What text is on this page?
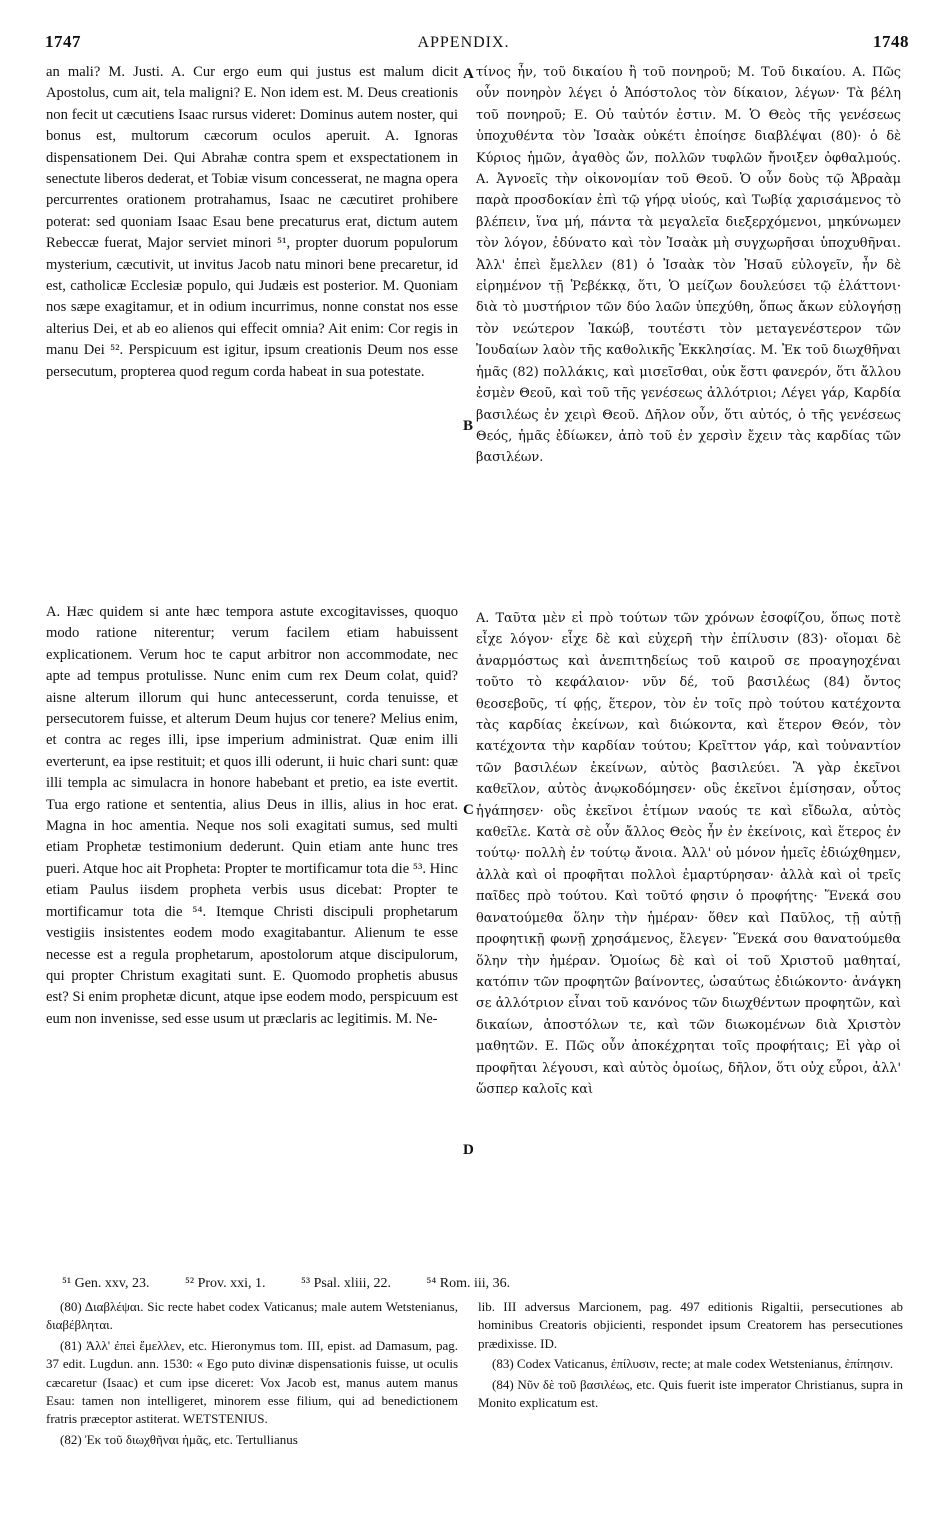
1747	APPENDIX.	1748
A
B
C
D

an mali? M. Justi. A. Cur ergo eum qui justus est malum dicit Apostolus, cum ait, tela maligni? E. Non idem est. M. Deus creationis non fecit ut cæcutiens Isaac rursus videret: Dominus autem noster, qui bonus est, multorum cæcorum oculos aperuit. A. Ignoras dispensationem Dei. Qui Abrahæ contra spem et exspectationem in senectute liberos dederat, et Tobiæ visum concesserat, ne magna opera percurrentes orationem protrahamus, Isaac ne cæcutiret prohibere poterat: sed quoniam Isaac Esau bene precaturus erat, dictum autem Rebeccæ fuerat, Major serviet minori ⁵¹, propter duorum populorum mysterium, cæcutivit, ut invitus Jacob natu minori bene precaretur, id est, catholicæ Ecclesiæ populo, qui Judæis est posterior. M. Quoniam nos sæpe exagitamur, et in odium incurrimus, nonne constat nos esse alterius Dei, et ab eo alienos qui effecit omnia? Ait enim: Cor regis in manu Dei ⁵². Perspicuum est igitur, ipsum creationis Deum nos esse persecutum, propterea quod regum corda habeat in sua potestate.

A. Hæc quidem si ante hæc tempora astute excogitavisses, quoquo modo ratione niterentur; verum facilem etiam habuissent explicationem. Verum hoc te caput arbitror non accommodate, nec apte ad tempus protulisse. Nunc enim cum rex Deum colat, quid? aisne alterum illorum qui hunc antecesserunt, corda tenuisse, et persecutorem fuisse, et alterum Deum hujus cor tenere? Melius enim, et contra ac reges illi, ipse imperium administrat. Quæ enim illi everterunt, ea ipse restituit; et quos illi oderunt, ii huic chari sunt: quæ illi templa ac simulacra in honore habebant et pretio, ea iste evertit. Tua ergo ratione et sententia, alius Deus in illis, alius in hoc erat. Magna in hoc amentia. Neque nos soli exagitati sumus, sed multi etiam Prophetæ testimonium dederunt. Quin etiam ante hunc tres pueri. Atque hoc ait Propheta: Propter te mortificamur tota die ⁵³. Hinc etiam Paulus iisdem propheta verbis usus dicebat: Propter te mortificamur tota die ⁵⁴. Itemque Christi discipuli prophetarum vestigiis insistentes eodem modo exagitabantur. Alienum te esse necesse est a regula prophetarum, apostolorum atque discipulorum, qui propter Christum exagitati sunt. E. Quomodo prophetis abusus est? Si enim prophetæ dicunt, atque ipse eodem modo, perspicuum est eum non invenisse, sed esse usum ut præclaris ac legitimis. M. Ne-

τίνος ἦν, τοῦ δικαίου ἢ τοῦ πονηροῦ; Μ. Τοῦ δικαίου. Α. Πῶς οὖν πονηρὸν λέγει ὁ Ἀπόστολος τὸν δίκαιον, λέγων· Τὰ βέλη τοῦ πονηροῦ; Ε. Οὐ ταὐτόν ἐστιν. Μ. Ὁ Θεὸς τῆς γενέσεως ὑποχυθέντα τὸν Ἰσαὰκ οὐκέτι ἐποίησε διαβλέψαι (80)· ὁ δὲ Κύριος ἡμῶν, ἀγαθὸς ὤν, πολλῶν τυφλῶν ἤνοιξεν ὀφθαλμούς. Α. Ἀγνοεῖς τὴν οἰκονομίαν τοῦ Θεοῦ. Ὁ οὖν δοὺς τῷ Ἀβραὰμ παρὰ προσδοκίαν ἐπὶ τῷ γήρᾳ υἱούς, καὶ Τωβίᾳ χαρισάμενος τὸ βλέπειν, ἵνα μή, πάντα τὰ μεγαλεῖα διεξερχόμενοι, μηκύνωμεν τὸν λόγον, ἐδύνατο καὶ τὸν Ἰσαὰκ μὴ συγχωρῆσαι ὑποχυθῆναι. Ἀλλ' ἐπεὶ ἔμελλεν (81) ὁ Ἰσαὰκ τὸν Ἠσαῦ εὐλογεῖν, ἦν δὲ εἰρημένον τῇ Ῥεβέκκᾳ, ὅτι, Ὁ μείζων δουλεύσει τῷ ἐλάττονι· διὰ τὸ μυστήριον τῶν δύο λαῶν ὑπεχύθη, ὅπως ἄκων εὐλογήσῃ τὸν νεώτερον Ἰακώβ, τουτέστι τὸν μεταγενέστερον τῶν Ἰουδαίων λαὸν τῆς καθολικῆς Ἐκκλησίας. Μ. Ἐκ τοῦ διωχθῆναι ἡμᾶς (82) πολλάκις, καὶ μισεῖσθαι, οὐκ ἔστι φανερόν, ὅτι ἄλλου ἐσμὲν Θεοῦ, καὶ τοῦ τῆς γενέσεως ἀλλότριοι; Λέγει γάρ, Καρδία βασιλέως ἐν χειρὶ Θεοῦ. Δῆλον οὖν, ὅτι αὐτός, ὁ τῆς γενέσεως Θεός, ἡμᾶς ἐδίωκεν, ἀπὸ τοῦ ἐν χερσὶν ἔχειν τὰς καρδίας τῶν βασιλέων.

Α. Ταῦτα μὲν εἰ πρὸ τούτων τῶν χρόνων ἐσοφίζου, ὅπως ποτὲ εἶχε λόγον· εἶχε δὲ καὶ εὐχερῆ τὴν ἐπίλυσιν (83)· οἴομαι δὲ ἀναρμόστως καὶ ἀνεπιτηδείως τοῦ καιροῦ σε προαγηοχέναι τοῦτο τὸ κεφάλαιον· νῦν δέ, τοῦ βασιλέως (84) ὄντος θεοσεβοῦς, τί φῄς, ἕτερον, τὸν ἐν τοῖς πρὸ τούτου κατέχοντα τὰς καρδίας ἐκείνων, καὶ διώκοντα, καὶ ἕτερον Θεόν, τὸν κατέχοντα τὴν καρδίαν τούτου; Κρεῖττον γάρ, καὶ τοὐναντίον τῶν βασιλέων ἐκείνων, αὐτὸς βασιλεύει. Ἃ γὰρ ἐκεῖνοι καθεῖλον, αὐτὸς ἀνῳκοδόμησεν· οὓς ἐκεῖνοι ἐμίσησαν, οὗτος ἠγάπησεν· οὓς ἐκεῖνοι ἐτίμων ναούς τε καὶ εἴδωλα, αὐτὸς καθεῖλε. Κατὰ σὲ οὖν ἄλλος Θεὸς ἦν ἐν ἐκείνοις, καὶ ἕτερος ἐν τούτῳ· πολλὴ ἐν τούτῳ ἄνοια. Ἀλλ' οὐ μόνον ἡμεῖς ἐδιώχθημεν, ἀλλὰ καὶ οἱ προφῆται πολλοὶ ἐμαρτύρησαν· ἀλλὰ καὶ οἱ τρεῖς παῖδες πρὸ τούτου. Καὶ τοῦτό φησιν ὁ προφήτης· Ἕνεκά σου θανατούμεθα ὅλην τὴν ἡμέραν· ὅθεν καὶ Παῦλος, τῇ αὐτῇ προφητικῇ φωνῇ χρησάμενος, ἔλεγεν· Ἕνεκά σου θανατούμεθα ὅλην τὴν ἡμέραν. Ὁμοίως δὲ καὶ οἱ τοῦ Χριστοῦ μαθηταί, κατόπιν τῶν προφητῶν βαίνοντες, ὡσαύτως ἐδιώκοντο· ἀνάγκη σε ἀλλότριον εἶναι τοῦ κανόνος τῶν διωχθέντων προφητῶν, καὶ δικαίων, ἀποστόλων τε, καὶ τῶν διωκομένων διὰ Χριστὸν μαθητῶν. Ε. Πῶς οὖν ἀποκέχρηται τοῖς προφήταις; Εἰ γὰρ οἱ προφῆται λέγουσι, καὶ αὐτὸς ὁμοίως, δῆλον, ὅτι οὐχ εὗροι, ἀλλ' ὥσπερ καλοῖς καὶ

⁵¹ Gen. xxv, 23.	⁵² Prov. xxi, 1.	⁵³ Psal. xliii, 22.	⁵⁴ Rom. iii, 36.

(80) Διαβλέψαι. Sic recte habet codex Vaticanus; male autem Wetstenianus, διαβέβληται.

(81) Ἀλλ' ἐπεὶ ἔμελλεν, etc. Hieronymus tom. III, epist. ad Damasum, pag. 37 edit. Lugdun. ann. 1530: « Ego puto divinæ dispensationis fuisse, ut oculis cæcaretur (Isaac) et cum ipse diceret: Vox Jacob est, manus autem manus Esau: tamen non intelligeret, minorem esse filium, qui ad benedictionem fratris præceptor astiterat. WETSTENIUS.

(82) Ἐκ τοῦ διωχθῆναι ἡμᾶς, etc. Tertullianus

lib. III adversus Marcionem, pag. 497 editionis Rigaltii, persecutiones ab hominibus Creatoris objicienti, respondet ipsum Creatorem has persecutiones prædixisse. ID.

(83) Codex Vaticanus, ἐπίλυσιν, recte; at male codex Wetstenianus, ἐπίπησιν.

(84) Νῦν δὲ τοῦ βασιλέως, etc. Quis fuerit iste imperator Christianus, supra in Monito explicatum est.
